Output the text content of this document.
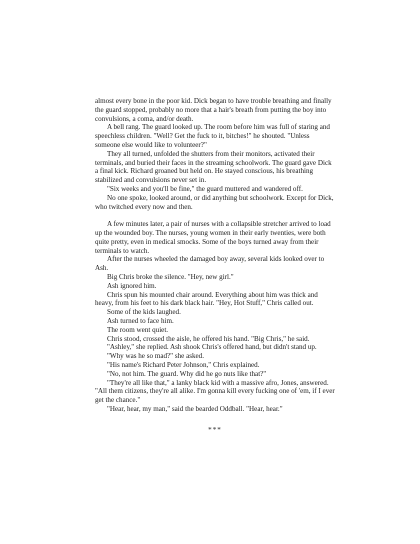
almost every bone in the poor kid. Dick began to have trouble breathing and finally the guard stopped, probably no more that a hair's breath from putting the boy into convulsions, a coma, and/or death.

A bell rang. The guard looked up. The room before him was full of staring and speechless children. "Well? Get the fuck to it, bitches!" he shouted. "Unless someone else would like to volunteer?"

They all turned, unfolded the shutters from their monitors, activated their terminals, and buried their faces in the streaming schoolwork. The guard gave Dick a final kick. Richard groaned but held on. He stayed conscious, his breathing stabilized and convulsions never set in.

"Six weeks and you'll be fine," the guard muttered and wandered off.

No one spoke, looked around, or did anything but schoolwork. Except for Dick, who twitched every now and then.

A few minutes later, a pair of nurses with a collapsible stretcher arrived to load up the wounded boy. The nurses, young women in their early twenties, were both quite pretty, even in medical smocks. Some of the boys turned away from their terminals to watch.

After the nurses wheeled the damaged boy away, several kids looked over to Ash.

Big Chris broke the silence. "Hey, new girl."

Ash ignored him.

Chris spun his mounted chair around. Everything about him was thick and heavy, from his feet to his dark black hair. "Hey, Hot Stuff," Chris called out.

Some of the kids laughed.

Ash turned to face him.

The room went quiet.

Chris stood, crossed the aisle, he offered his hand. "Big Chris," he said.

"Ashley," she replied. Ash shook Chris's offered hand, but didn't stand up.

"Why was he so mad?" she asked.

"His name's Richard Peter Johnson," Chris explained.

"No, not him. The guard. Why did he go nuts like that?"

"They're all like that," a lanky black kid with a massive afro, Jones, answered. "All them citizens, they're all alike. I'm gonna kill every fucking one of 'em, if I ever get the chance."

"Hear, hear, my man," said the bearded Oddball. "Hear, hear."

***
